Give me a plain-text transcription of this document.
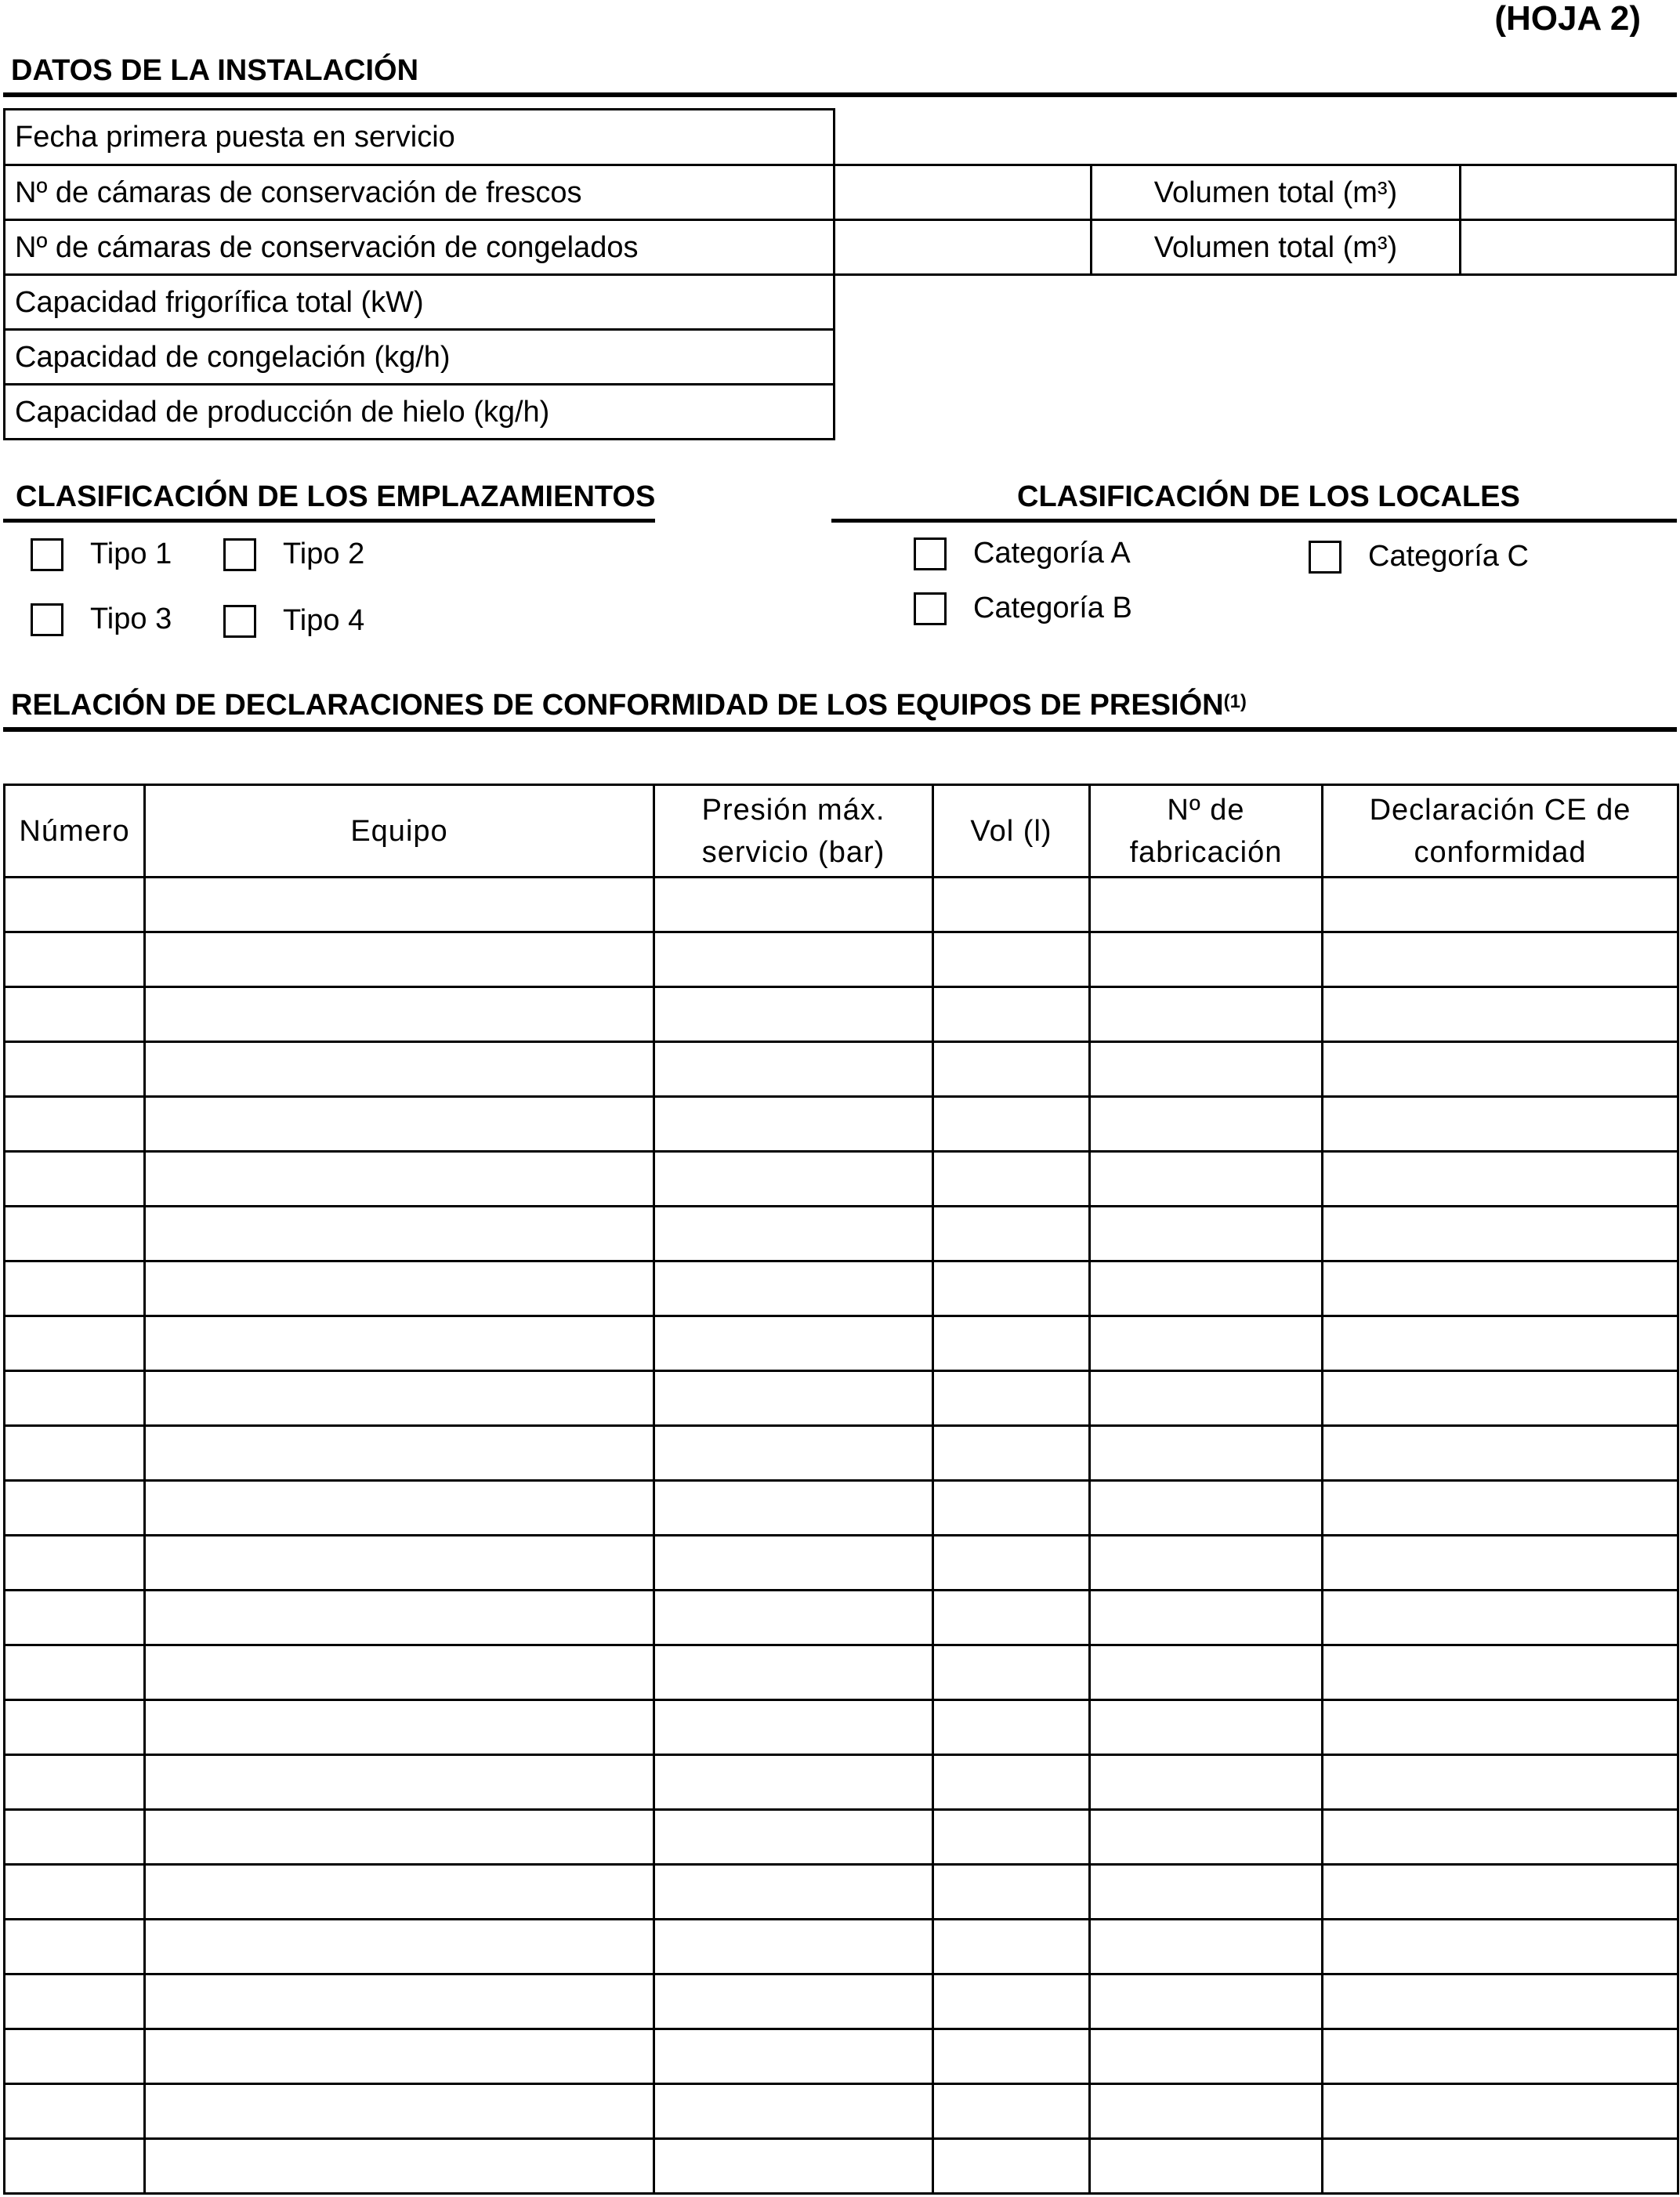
(HOJA 2)
DATOS DE LA INSTALACIÓN
Fecha primera puesta en servicio
Nº de cámaras de conservación de frescos	Volumen total (m³)
Nº de cámaras de conservación de congelados	Volumen total (m³)
Capacidad frigorífica total (kW)
Capacidad de congelación (kg/h)
Capacidad de producción de hielo (kg/h)
CLASIFICACIÓN DE LOS EMPLAZAMIENTOS
Tipo 1	Tipo 2
Tipo 3	Tipo 4
CLASIFICACIÓN DE LOS LOCALES
Categoría A
Categoría B
Categoría C
RELACIÓN DE DECLARACIONES DE CONFORMIDAD DE LOS EQUIPOS DE PRESIÓN$^{(1)}$
Número	Equipo	Presión máx. servicio (bar)	Vol (l)	Nº de fabricación	Declaración CE de conformidad
